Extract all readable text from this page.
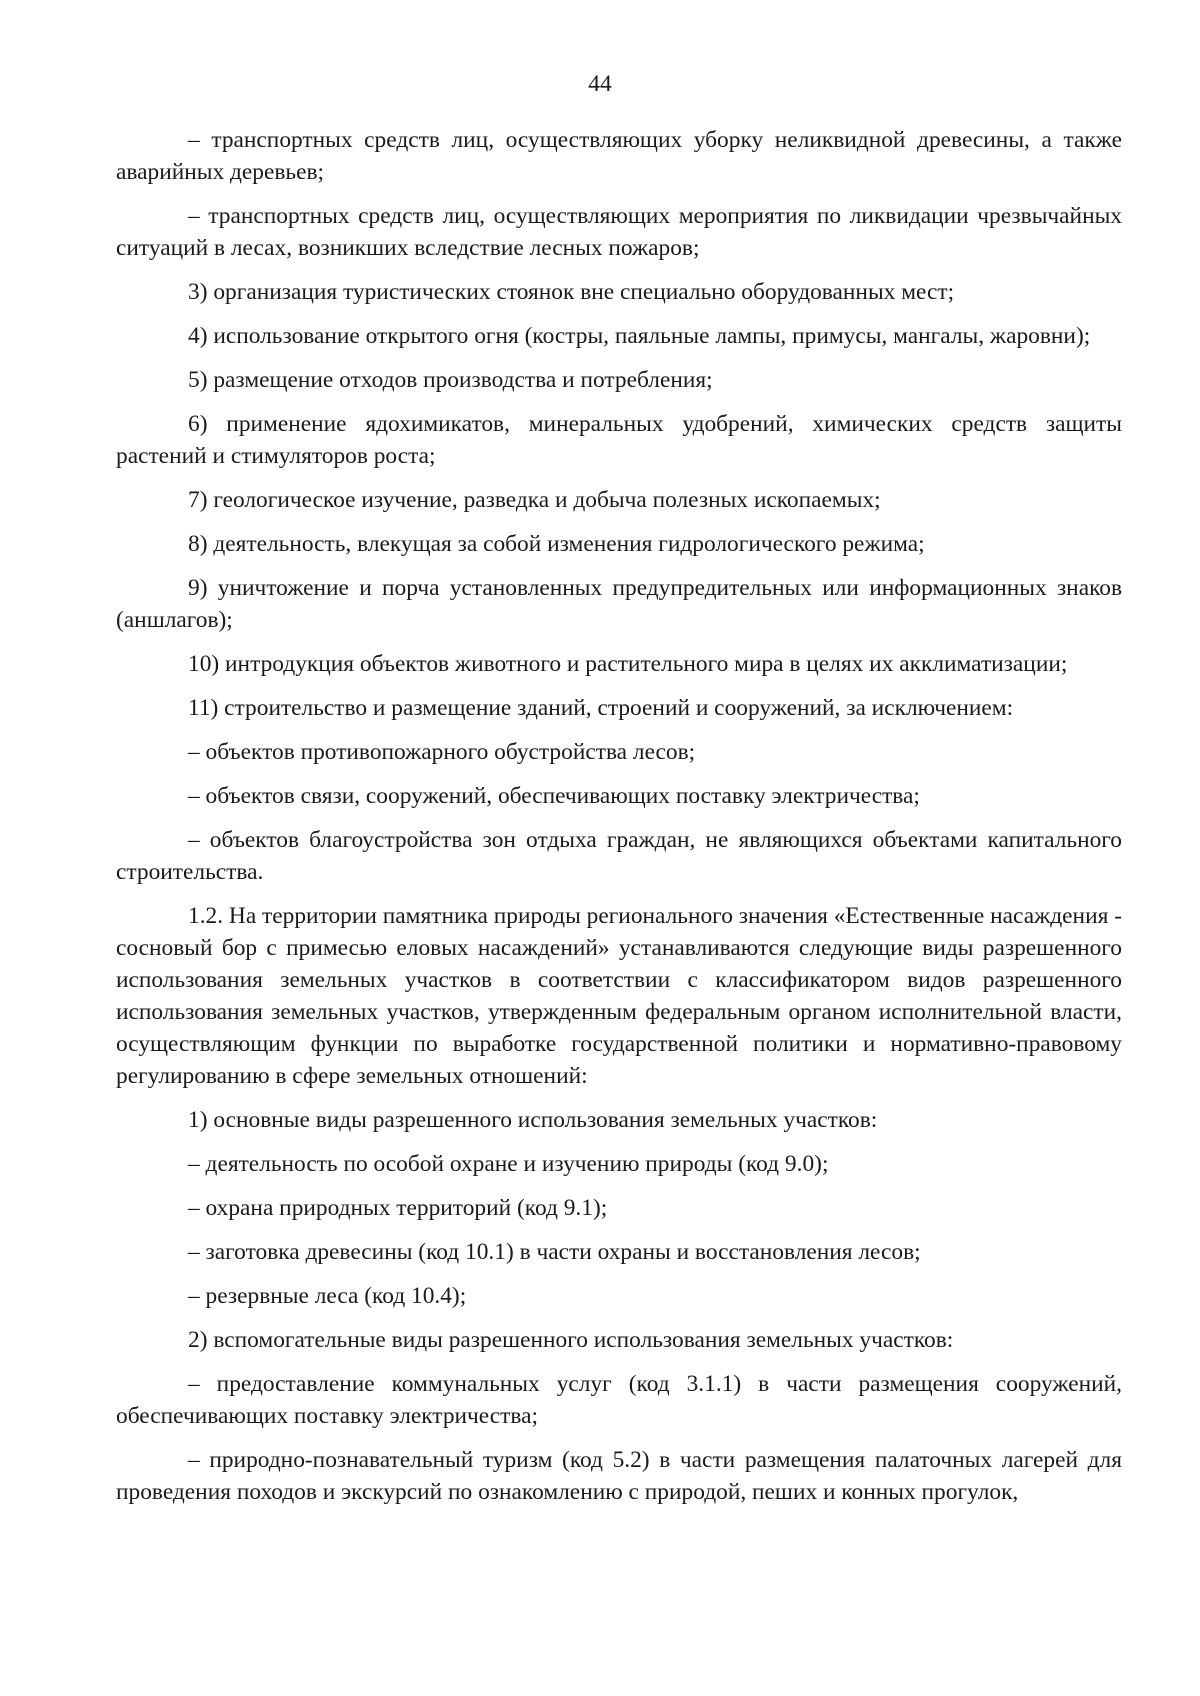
44

– транспортных средств лиц, осуществляющих уборку неликвидной древесины, а также аварийных деревьев;

– транспортных средств лиц, осуществляющих мероприятия по ликвидации чрезвычайных ситуаций в лесах, возникших вследствие лесных пожаров;

3) организация туристических стоянок вне специально оборудованных мест;

4) использование открытого огня (костры, паяльные лампы, примусы, мангалы, жаровни);

5) размещение отходов производства и потребления;

6) применение ядохимикатов, минеральных удобрений, химических средств защиты растений и стимуляторов роста;

7) геологическое изучение, разведка и добыча полезных ископаемых;

8) деятельность, влекущая за собой изменения гидрологического режима;

9) уничтожение и порча установленных предупредительных или информационных знаков (аншлагов);

10) интродукция объектов животного и растительного мира в целях их акклиматизации;

11) строительство и размещение зданий, строений и сооружений, за исключением:

– объектов противопожарного обустройства лесов;

– объектов связи, сооружений, обеспечивающих поставку электричества;

– объектов благоустройства зон отдыха граждан, не являющихся объектами капитального строительства.

1.2. На территории памятника природы регионального значения «Естественные насаждения - сосновый бор с примесью еловых насаждений» устанавливаются следующие виды разрешенного использования земельных участков в соответствии с классификатором видов разрешенного использования земельных участков, утвержденным федеральным органом исполнительной власти, осуществляющим функции по выработке государственной политики и нормативно-правовому регулированию в сфере земельных отношений:

1) основные виды разрешенного использования земельных участков:

– деятельность по особой охране и изучению природы (код 9.0);

– охрана природных территорий (код 9.1);

– заготовка древесины (код 10.1) в части охраны и восстановления лесов;

– резервные леса (код 10.4);

2) вспомогательные виды разрешенного использования земельных участков:

– предоставление коммунальных услуг (код 3.1.1) в части размещения сооружений, обеспечивающих поставку электричества;

– природно-познавательный туризм (код 5.2) в части размещения палаточных лагерей для проведения походов и экскурсий по ознакомлению с природой, пеших и конных прогулок,
